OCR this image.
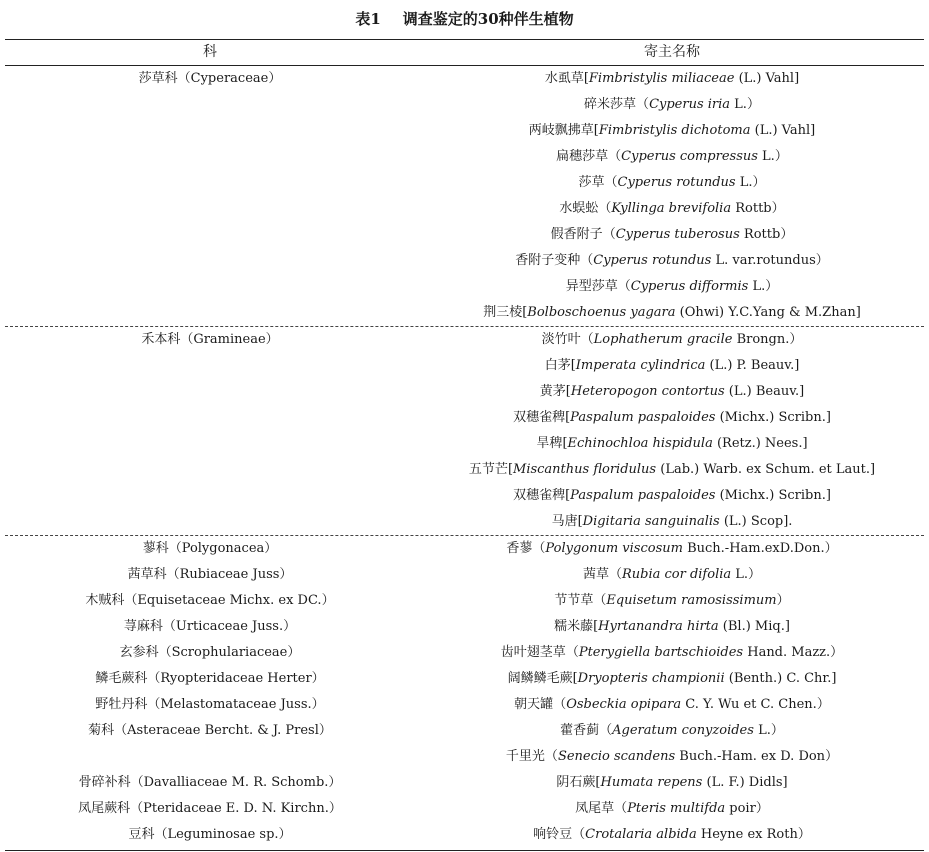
表1 调查鉴定的30种伴生植物
科	寄主名称
莎草科（Cyperaceae）	水虱草[Fimbristylis miliaceae (L.) Vahl]
碎米莎草（Cyperus iria L.）
两岐飘拂草[Fimbristylis dichotoma (L.) Vahl]
扁穗莎草（Cyperus compressus L.）
莎草（Cyperus rotundus L.）
水蜈蚣（Kyllinga brevifolia Rottb）
假香附子（Cyperus tuberosus Rottb）
香附子变种（Cyperus rotundus L. var.rotundus）
异型莎草（Cyperus difformis L.）
荆三棱[Bolboschoenus yagara (Ohwi) Y.C.Yang & M.Zhan]
禾本科（Gramineae）	淡竹叶（Lophatherum gracile Brongn.）
白茅[Imperata cylindrica (L.) P. Beauv.]
黄茅[Heteropogon contortus (L.) Beauv.]
双穗雀稗[Paspalum paspaloides (Michx.) Scribn.]
旱稗[Echinochloa hispidula (Retz.) Nees.]
五节芒[Miscanthus floridulus (Lab.) Warb. ex Schum. et Laut.]
双穗雀稗[Paspalum paspaloides (Michx.) Scribn.]
马唐[Digitaria sanguinalis (L.) Scop].
蓼科（Polygonacea）	香蓼（Polygonum viscosum Buch.-Ham.exD.Don.）
茜草科（Rubiaceae Juss）	茜草（Rubia cor difolia L.）
木贼科（Equisetaceae Michx. ex DC.）	节节草（Equisetum ramosissimum）
荨麻科（Urticaceae Juss.）	糯米藤[Hyrtanandra hirta (Bl.) Miq.]
玄参科（Scrophulariaceae）	齿叶翅茎草（Pterygiella bartschioides Hand. Mazz.）
鳞毛蕨科（Ryopteridaceae Herter）	阔鳞鳞毛蕨[Dryopteris championii (Benth.) C. Chr.]
野牡丹科（Melastomataceae Juss.）	朝天罐（Osbeckia opipara C. Y. Wu et C. Chen.）
菊科（Asteraceae Bercht. & J. Presl）	藿香蓟（Ageratum conyzoides L.）
千里光（Senecio scandens Buch.-Ham. ex D. Don）
骨碎补科（Davalliaceae M. R. Schomb.）	阴石蕨[Humata repens (L. F.) Didls]
凤尾蕨科（Pteridaceae E. D. N. Kirchn.）	凤尾草（Pteris multifda poir）
豆科（Leguminosae sp.）	响铃豆（Crotalaria albida Heyne ex Roth）
